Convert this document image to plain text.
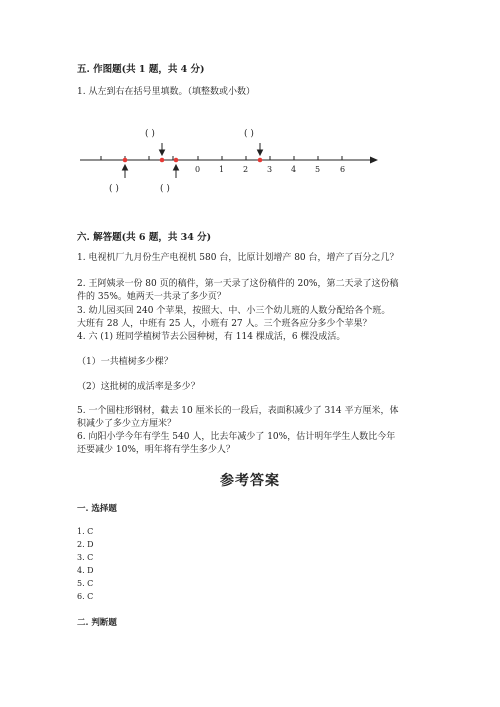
五. 作图题(共 1 题，共 4 分)
1. 从左到右在括号里填数。（填整数或小数）
0 1 2 3 4 5 6
( )	( )
( )	( )
六. 解答题(共 6 题，共 34 分)
1. 电视机厂九月份生产电视机 580 台，比原计划增产 80 台，增产了百分之几？
2. 王阿姨录一份 80 页的稿件，第一天录了这份稿件的 20%，第二天录了这份稿
件的 35%。她两天一共录了多少页？
3. 幼儿园买回 240 个苹果，按照大、中、小三个幼儿班的人数分配给各个班。
大班有 28 人，中班有 25 人，小班有 27 人。三个班各应分多少个苹果？
4. 六 (1) 班同学植树节去公园种树，有 114 棵成活，6 棵没成活。
（1）一共植树多少棵？
（2）这批树的成活率是多少？
5. 一个圆柱形钢材，截去 10 厘米长的一段后，表面积减少了 314 平方厘米，体
积减少了多少立方厘米？
6. 向阳小学今年有学生 540 人，比去年减少了 10%，估计明年学生人数比今年
还要减少 10%，明年将有学生多少人？
参考答案
一. 选择题
1. C
2. D
3. C
4. D
5. C
6. C
二. 判断题
